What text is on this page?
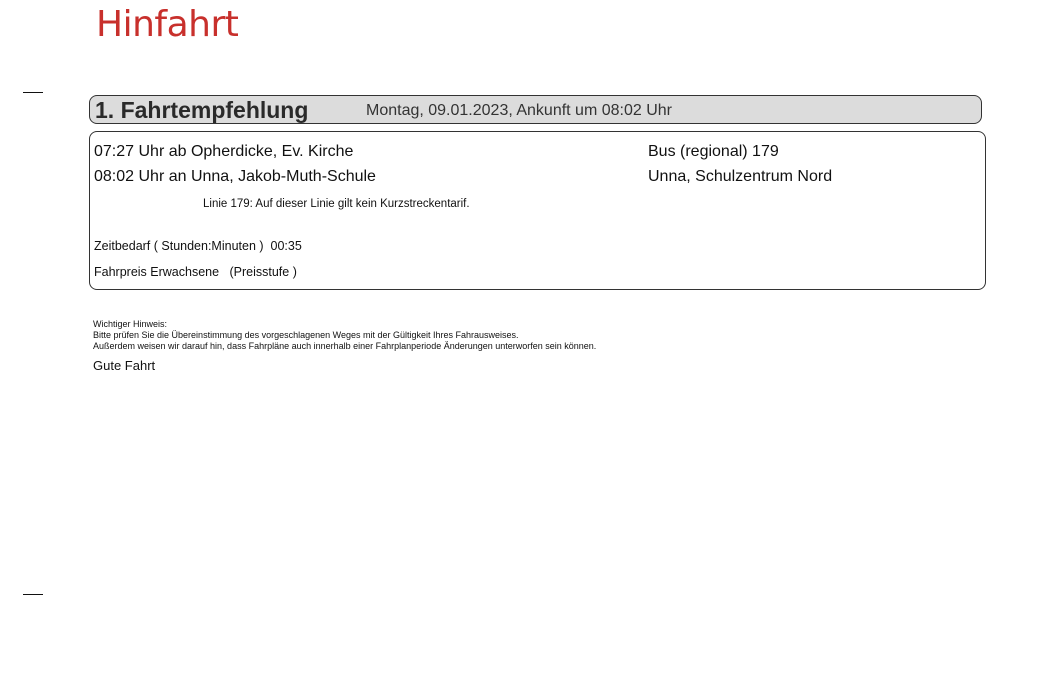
Hinfahrt
1. Fahrtempfehlung	Montag, 09.01.2023, Ankunft um 08:02 Uhr
07:27 Uhr ab Opherdicke, Ev. Kirche
08:02 Uhr an Unna, Jakob-Muth-Schule
Bus (regional) 179
Unna, Schulzentrum Nord
Linie 179: Auf dieser Linie gilt kein Kurzstreckentarif.
Zeitbedarf ( Stunden:Minuten ) 00:35
Fahrpreis Erwachsene (Preisstufe )
Wichtiger Hinweis:
Bitte prüfen Sie die Übereinstimmung des vorgeschlagenen Weges mit der Gültigkeit Ihres Fahrausweises.
Außerdem weisen wir darauf hin, dass Fahrpläne auch innerhalb einer Fahrplanperiode Änderungen unterworfen sein können.
Gute Fahrt
